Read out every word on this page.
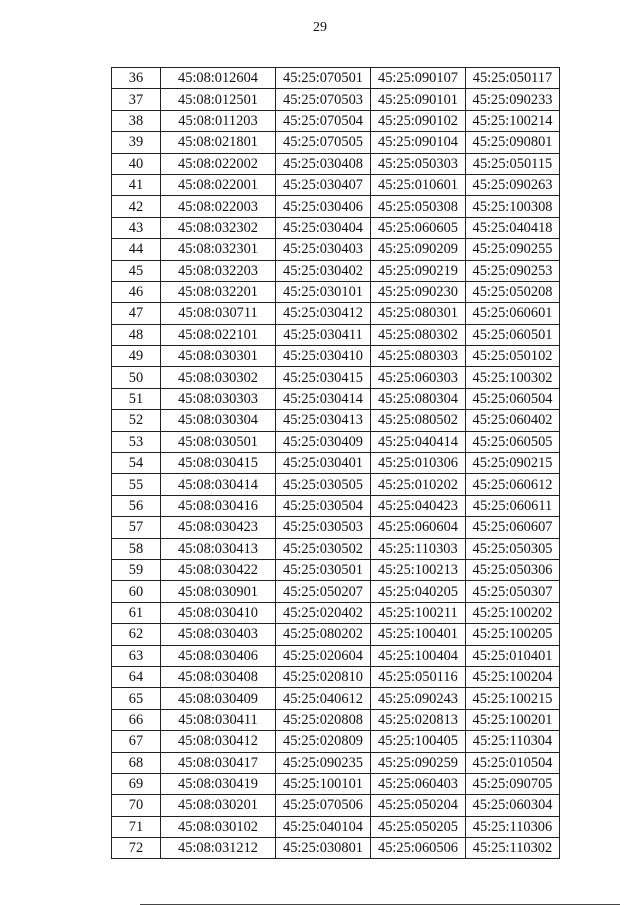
29
36	45:08:012604	45:25:070501	45:25:090107	45:25:050117
37	45:08:012501	45:25:070503	45:25:090101	45:25:090233
38	45:08:011203	45:25:070504	45:25:090102	45:25:100214
39	45:08:021801	45:25:070505	45:25:090104	45:25:090801
40	45:08:022002	45:25:030408	45:25:050303	45:25:050115
41	45:08:022001	45:25:030407	45:25:010601	45:25:090263
42	45:08:022003	45:25:030406	45:25:050308	45:25:100308
43	45:08:032302	45:25:030404	45:25:060605	45:25:040418
44	45:08:032301	45:25:030403	45:25:090209	45:25:090255
45	45:08:032203	45:25:030402	45:25:090219	45:25:090253
46	45:08:032201	45:25:030101	45:25:090230	45:25:050208
47	45:08:030711	45:25:030412	45:25:080301	45:25:060601
48	45:08:022101	45:25:030411	45:25:080302	45:25:060501
49	45:08:030301	45:25:030410	45:25:080303	45:25:050102
50	45:08:030302	45:25:030415	45:25:060303	45:25:100302
51	45:08:030303	45:25:030414	45:25:080304	45:25:060504
52	45:08:030304	45:25:030413	45:25:080502	45:25:060402
53	45:08:030501	45:25:030409	45:25:040414	45:25:060505
54	45:08:030415	45:25:030401	45:25:010306	45:25:090215
55	45:08:030414	45:25:030505	45:25:010202	45:25:060612
56	45:08:030416	45:25:030504	45:25:040423	45:25:060611
57	45:08:030423	45:25:030503	45:25:060604	45:25:060607
58	45:08:030413	45:25:030502	45:25:110303	45:25:050305
59	45:08:030422	45:25:030501	45:25:100213	45:25:050306
60	45:08:030901	45:25:050207	45:25:040205	45:25:050307
61	45:08:030410	45:25:020402	45:25:100211	45:25:100202
62	45:08:030403	45:25:080202	45:25:100401	45:25:100205
63	45:08:030406	45:25:020604	45:25:100404	45:25:010401
64	45:08:030408	45:25:020810	45:25:050116	45:25:100204
65	45:08:030409	45:25:040612	45:25:090243	45:25:100215
66	45:08:030411	45:25:020808	45:25:020813	45:25:100201
67	45:08:030412	45:25:020809	45:25:100405	45:25:110304
68	45:08:030417	45:25:090235	45:25:090259	45:25:010504
69	45:08:030419	45:25:100101	45:25:060403	45:25:090705
70	45:08:030201	45:25:070506	45:25:050204	45:25:060304
71	45:08:030102	45:25:040104	45:25:050205	45:25:110306
72	45:08:031212	45:25:030801	45:25:060506	45:25:110302
